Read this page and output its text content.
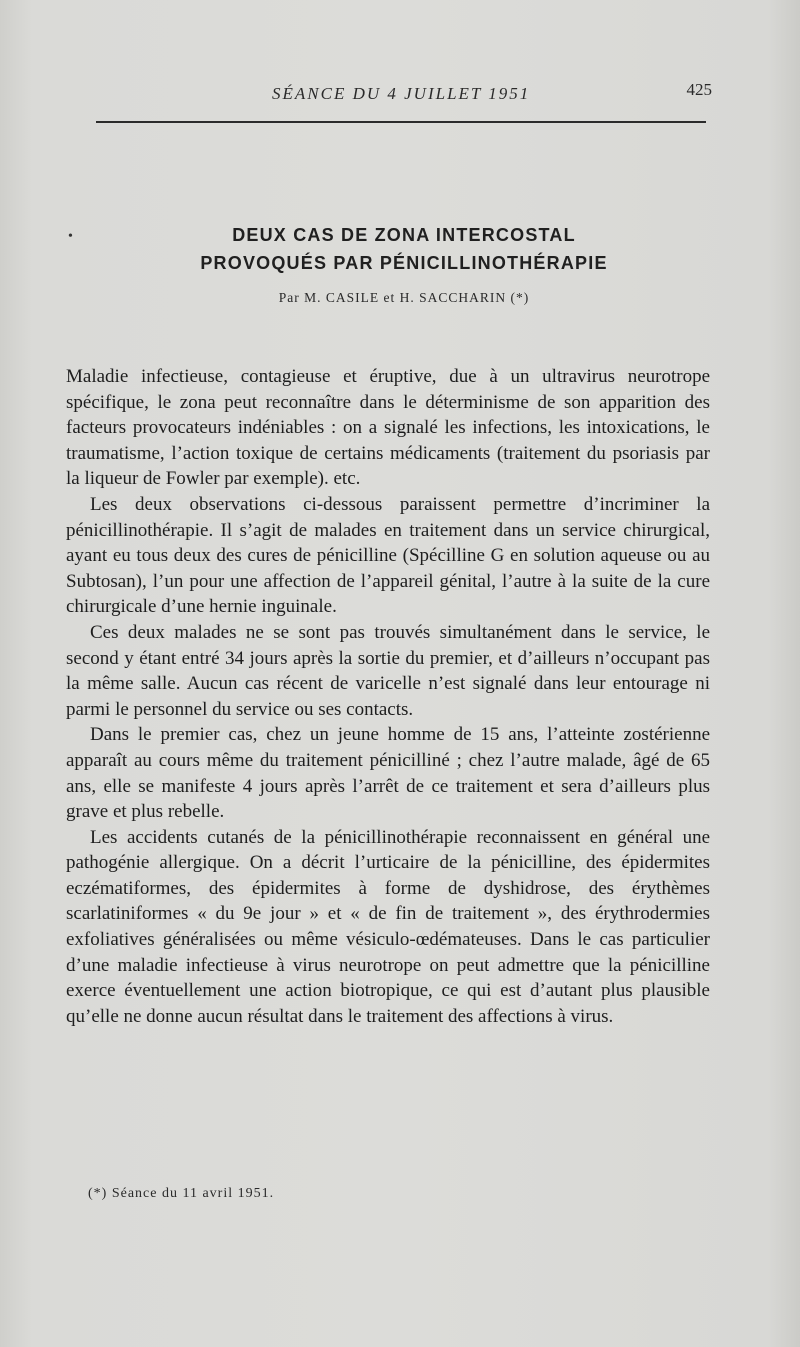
SÉANCE DU 4 JUILLET 1951	425
•	DEUX CAS DE ZONA INTERCOSTAL
PROVOQUÉS PAR PÉNICILLINOTHÉRAPIE
Par M. CASILE et H. SACCHARIN (*)

Maladie infectieuse, contagieuse et éruptive, due à un ultravirus neurotrope spécifique, le zona peut reconnaître dans le déterminisme de son apparition des facteurs provocateurs indéniables : on a signalé les infections, les intoxications, le traumatisme, l’action toxique de certains médicaments (traitement du psoriasis par la liqueur de Fowler par exemple). etc.

Les deux observations ci-dessous paraissent permettre d’incriminer la pénicillinothérapie. Il s’agit de malades en traitement dans un service chirurgical, ayant eu tous deux des cures de pénicilline (Spécilline G en solution aqueuse ou au Subtosan), l’un pour une affection de l’appareil génital, l’autre à la suite de la cure chirurgicale d’une hernie inguinale.

Ces deux malades ne se sont pas trouvés simultanément dans le service, le second y étant entré 34 jours après la sortie du premier, et d’ailleurs n’occupant pas la même salle. Aucun cas récent de varicelle n’est signalé dans leur entourage ni parmi le personnel du service ou ses contacts.

Dans le premier cas, chez un jeune homme de 15 ans, l’atteinte zostérienne apparaît au cours même du traitement pénicilliné ; chez l’autre malade, âgé de 65 ans, elle se manifeste 4 jours après l’arrêt de ce traitement et sera d’ailleurs plus grave et plus rebelle.

Les accidents cutanés de la pénicillinothérapie reconnaissent en général une pathogénie allergique. On a décrit l’urticaire de la pénicilline, des épidermites eczématiformes, des épidermites à forme de dyshidrose, des érythèmes scarlatiniformes « du 9e jour » et « de fin de traitement », des érythrodermies exfoliatives généralisées ou même vésiculo-œdémateuses. Dans le cas particulier d’une maladie infectieuse à virus neurotrope on peut admettre que la pénicilline exerce éventuellement une action biotropique, ce qui est d’autant plus plausible qu’elle ne donne aucun résultat dans le traitement des affections à virus.

(*) Séance du 11 avril 1951.
